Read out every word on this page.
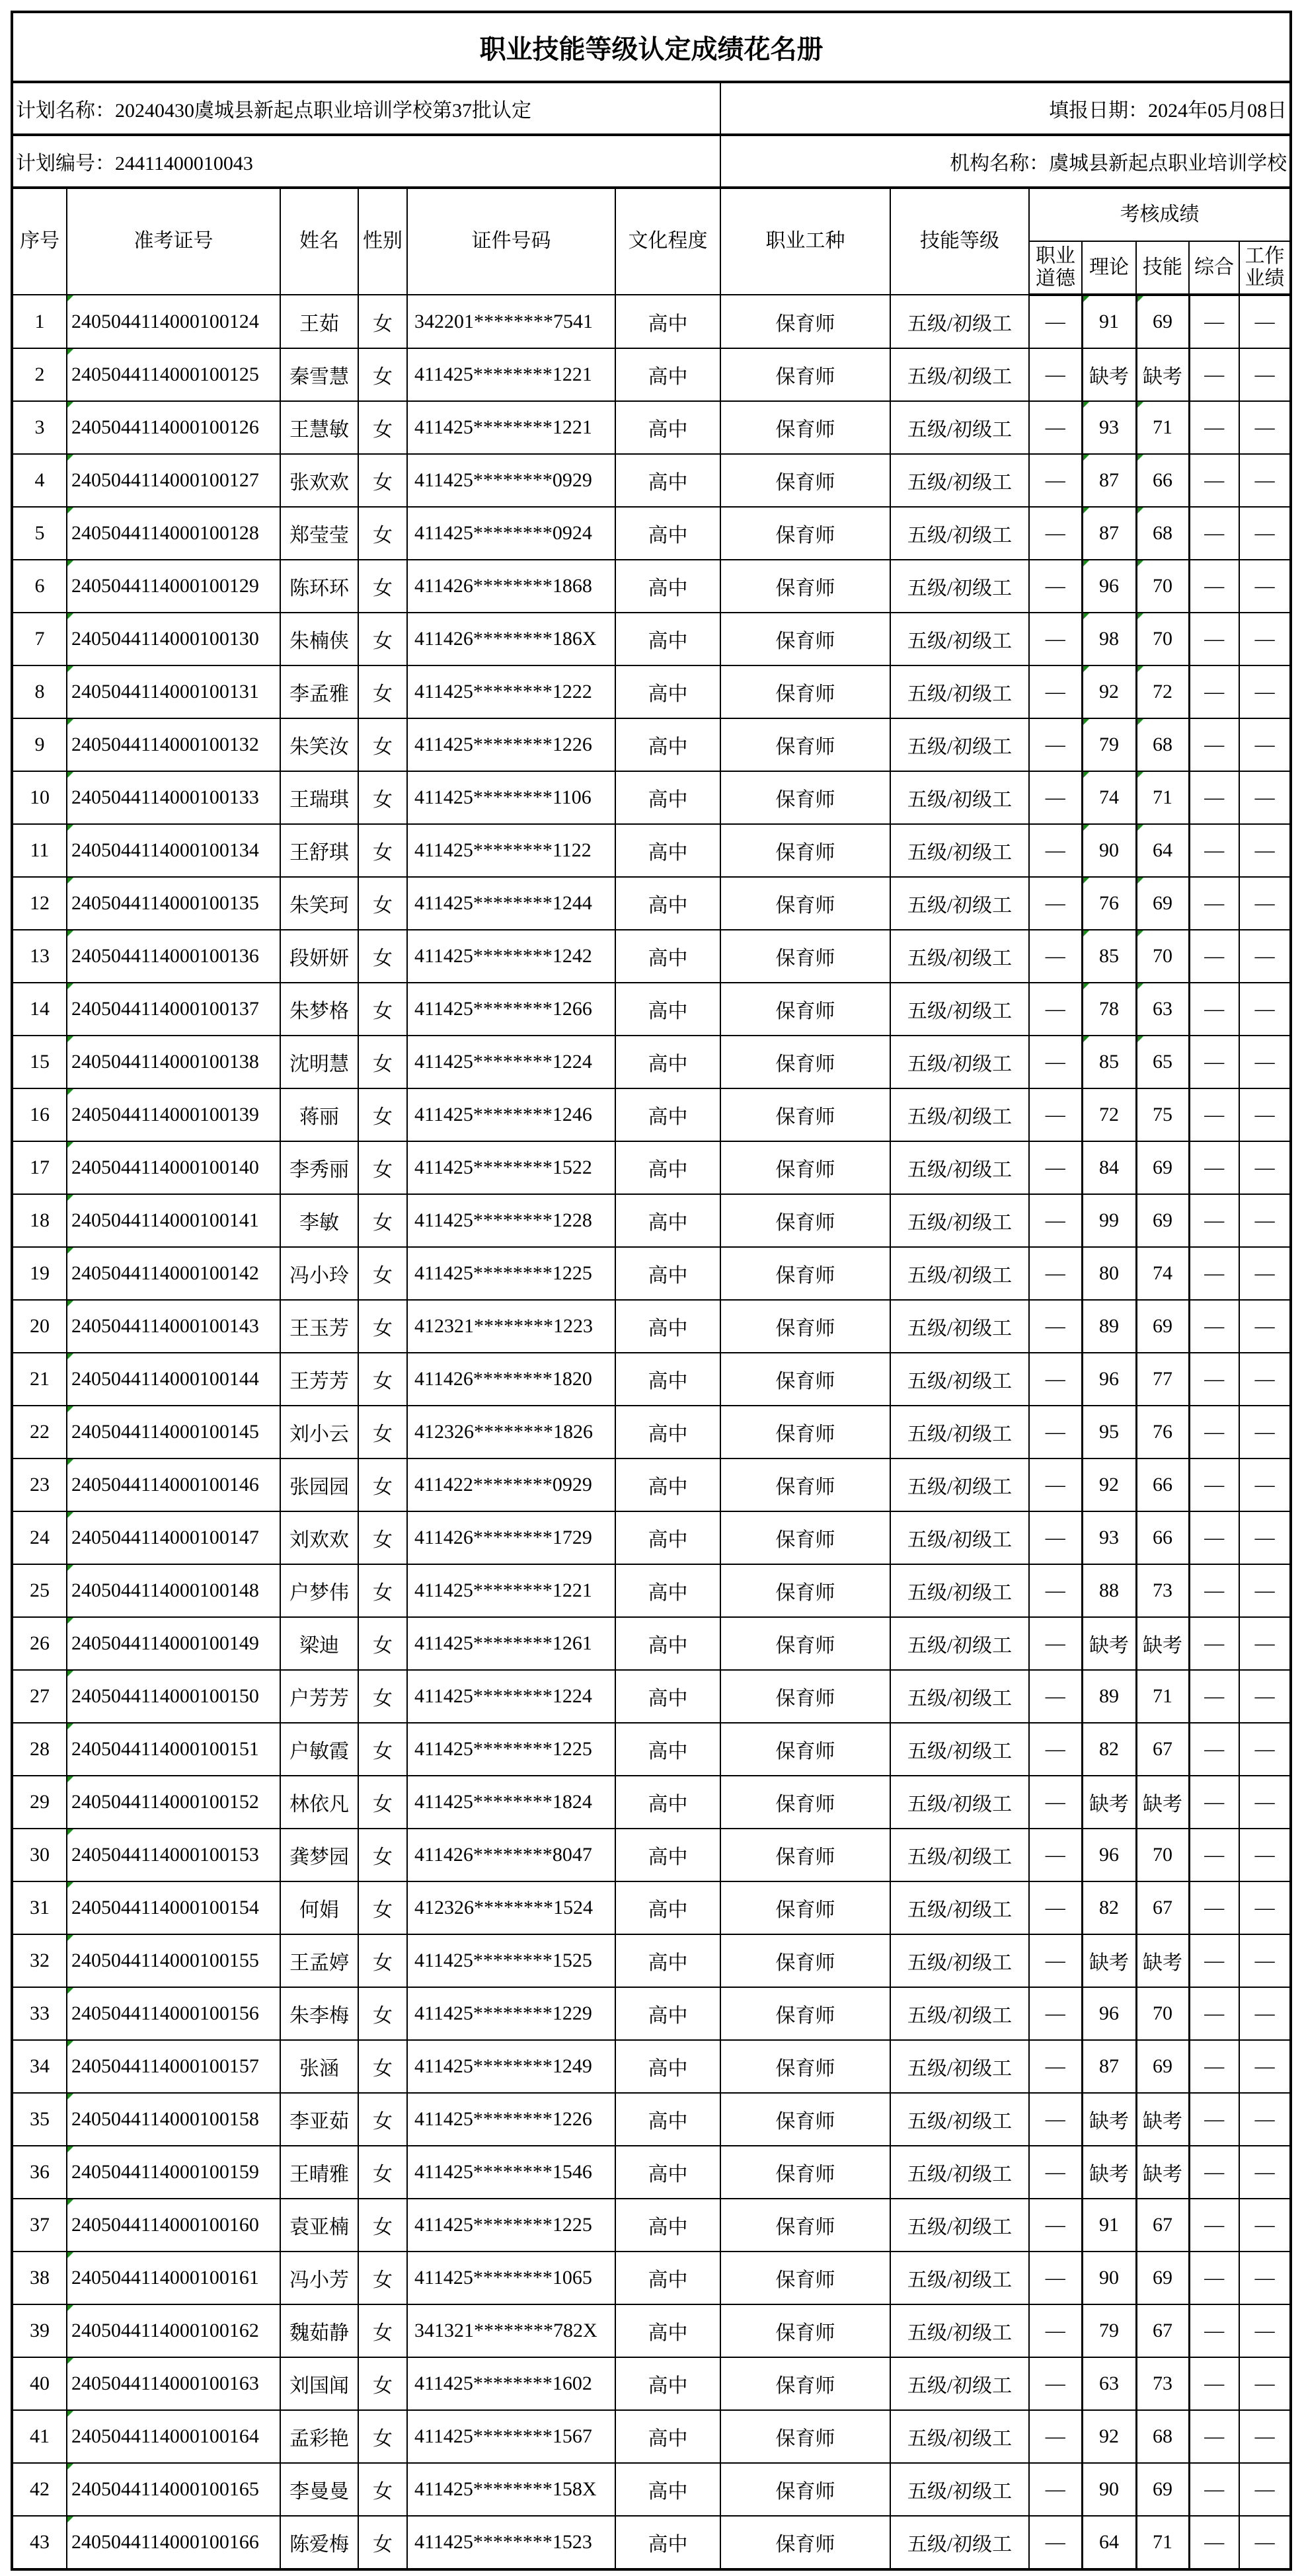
职业技能等级认定成绩花名册												
计划名称：20240430虞城县新起点职业培训学校第37批认定						填报日期：2024年05月08日						
计划编号：24411400010043						机构名称：虞城县新起点职业培训学校						
序号	准考证号	姓名	性别	证件号码	文化程度	职业工种	技能等级	考核成绩				
								职业道德	理论	技能	综合	工作业绩
1	240504411400010012 4	王茹	女	342201********7541	高中	保育师	五级/初级工	—	91	69	—	—
2	2405044114000100125	秦雪慧	女	411425********1221	高中	保育师	五级/初级工	—	缺考	缺考	—	—
3	2405044114000100126	王慧敏	女	411425********1221	高中	保育师	五级/初级工	—	93	71	—	—
4	2405044114000100127	张欢欢	女	411425********0929	高中	保育师	五级/初级工	—	87	66	—	—
5	2405044114000100128	郑莹莹	女	411425********0924	高中	保育师	五级/初级工	—	87	68	—	—
6	2405044114000100129	陈环环	女	411426********1868	高中	保育师	五级/初级工	—	96	70	—	—
7	2405044114000100130	朱楠侠	女	411426********186X	高中	保育师	五级/初级工	—	98	70	—	—
8	2405044114000100131	李孟雅	女	411425********1222	高中	保育师	五级/初级工	—	92	72	—	—
9	2405044114000100132	朱笑汝	女	411425********1226	高中	保育师	五级/初级工	—	79	68	—	—
10	2405044114000100133	王瑞琪	女	411425********1106	高中	保育师	五级/初级工	—	74	71	—	—
11	2405044114000100134	王舒琪	女	411425********1122	高中	保育师	五级/初级工	—	90	64	—	—
12	2405044114000100135	朱笑珂	女	411425********1244	高中	保育师	五级/初级工	—	76	69	—	—
13	2405044114000100136	段妍妍	女	411425********1242	高中	保育师	五级/初级工	—	85	70	—	—
14	2405044114000100137	朱梦格	女	411425********1266	高中	保育师	五级/初级工	—	78	63	—	—
15	2405044114000100138	沈明慧	女	411425********1224	高中	保育师	五级/初级工	—	85	65	—	—
16	2405044114000100139	蒋丽	女	411425********1246	高中	保育师	五级/初级工	—	72	75	—	—
17	2405044114000100140	李秀丽	女	411425********1522	高中	保育师	五级/初级工	—	84	69	—	—
18	2405044114000100141	李敏	女	411425********1228	高中	保育师	五级/初级工	—	99	69	—	—
19	2405044114000100142	冯小玲	女	411425********1225	高中	保育师	五级/初级工	—	80	74	—	—
20	2405044114000100143	王玉芳	女	412321********1223	高中	保育师	五级/初级工	—	89	69	—	—
21	2405044114000100144	王芳芳	女	411426********1820	高中	保育师	五级/初级工	—	96	77	—	—
22	2405044114000100145	刘小云	女	412326********1826	高中	保育师	五级/初级工	—	95	76	—	—
23	2405044114000100146	张园园	女	411422********0929	高中	保育师	五级/初级工	—	92	66	—	—
24	2405044114000100147	刘欢欢	女	411426********1729	高中	保育师	五级/初级工	—	93	66	—	—
25	2405044114000100148	户梦伟	女	411425********1221	高中	保育师	五级/初级工	—	88	73	—	—
26	2405044114000100149	梁迪	女	411425********1261	高中	保育师	五级/初级工	—	缺考	缺考	—	—
27	2405044114000100150	户芳芳	女	411425********1224	高中	保育师	五级/初级工	—	89	71	—	—
28	2405044114000100151	户敏霞	女	411425********1225	高中	保育师	五级/初级工	—	82	67	—	—
29	2405044114000100152	林依凡	女	411425********1824	高中	保育师	五级/初级工	—	缺考	缺考	—	—
30	2405044114000100153	龚梦园	女	411426********8047	高中	保育师	五级/初级工	—	96	70	—	—
31	2405044114000100154	何娟	女	412326********1524	高中	保育师	五级/初级工	—	82	67	—	—
32	2405044114000100155	王孟婷	女	411425********1525	高中	保育师	五级/初级工	—	缺考	缺考	—	—
33	2405044114000100156	朱李梅	女	411425********1229	高中	保育师	五级/初级工	—	96	70	—	—
34	2405044114000100157	张涵	女	411425********1249	高中	保育师	五级/初级工	—	87	69	—	—
35	2405044114000100158	李亚茹	女	411425********1226	高中	保育师	五级/初级工	—	缺考	缺考	—	—
36	2405044114000100159	王晴雅	女	411425********1546	高中	保育师	五级/初级工	—	缺考	缺考	—	—
37	2405044114000100160	袁亚楠	女	411425********1225	高中	保育师	五级/初级工	—	91	67	—	—
38	2405044114000100161	冯小芳	女	411425********1065	高中	保育师	五级/初级工	—	90	69	—	—
39	2405044114000100162	魏茹静	女	341321********782X	高中	保育师	五级/初级工	—	79	67	—	—
40	2405044114000100163	刘国闻	女	411425********1602	高中	保育师	五级/初级工	—	63	73	—	—
41	2405044114000100164	孟彩艳	女	411425********1567	高中	保育师	五级/初级工	—	92	68	—	—
42	2405044114000100165	李曼曼	女	411425********158X	高中	保育师	五级/初级工	—	90	69	—	—
43	2405044114000100166	陈爱梅	女	411425********1523	高中	保育师	五级/初级工	—	64	71	—	—
